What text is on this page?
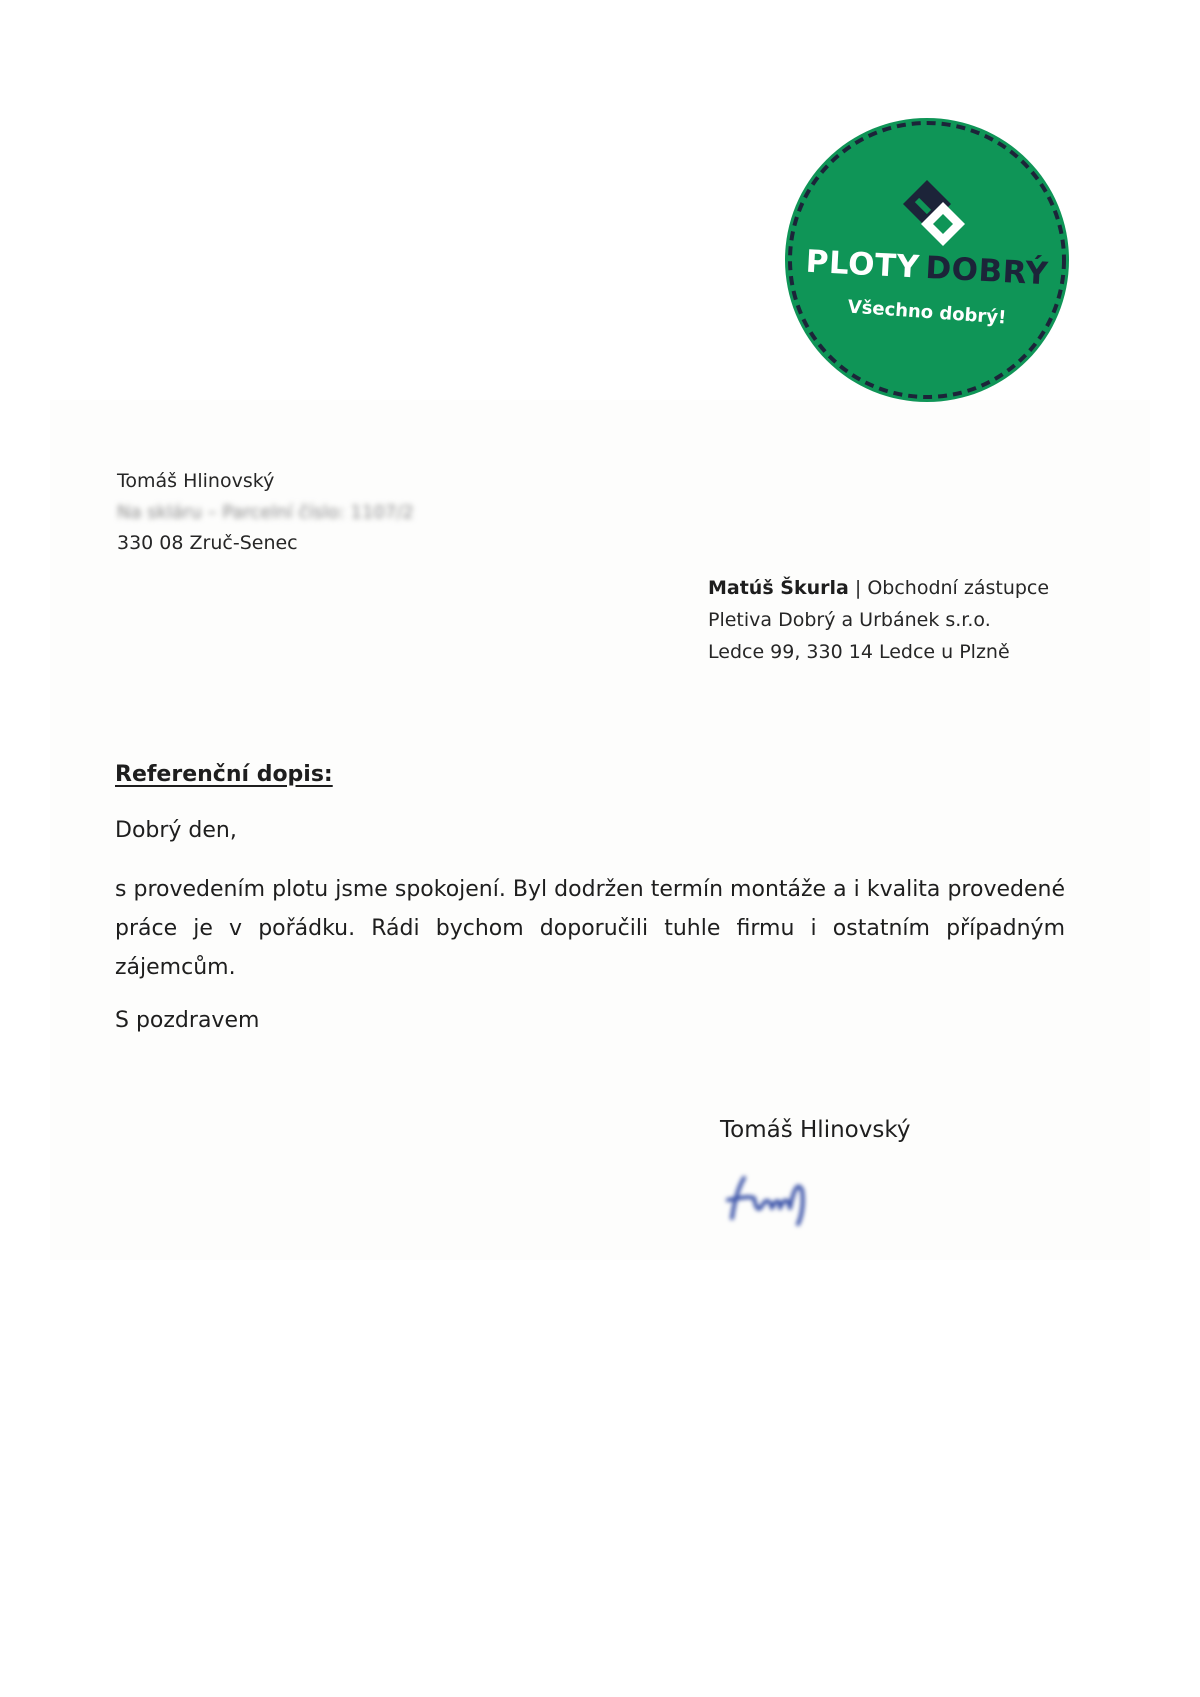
PLOTY DOBRÝ
Všechno dobrý!
Tomáš Hlinovský
Na skláru – Parcelní číslo: 1107/2
330 08 Zruč-Senec
Matúš Škurla | Obchodní zástupce
Pletiva Dobrý a Urbánek s.r.o.
Ledce 99, 330 14 Ledce u Plzně
Referenční dopis:
Dobrý den,
s provedením plotu jsme spokojení. Byl dodržen termín montáže a i kvalita provedené práce je v pořádku. Rádi bychom doporučili tuhle firmu i ostatním případným zájemcům.
S pozdravem
Tomáš Hlinovský
